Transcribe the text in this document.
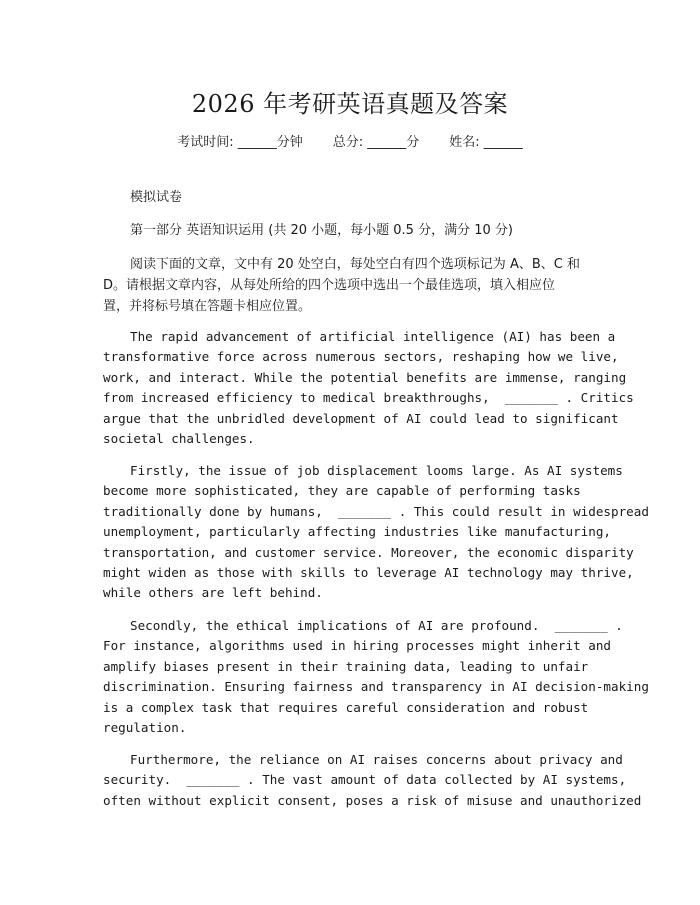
2026 年考研英语真题及答案
考试时间: ______分钟 总分: ______分 姓名: ______
模拟试卷
第一部分 英语知识运用 (共 20 小题，每小题 0.5 分，满分 10 分)
阅读下面的文章，文中有 20 处空白，每处空白有四个选项标记为 A、B、C 和
D。请根据文章内容，从每处所给的四个选项中选出一个最佳选项，填入相应位
置，并将标号填在答题卡相应位置。
The rapid advancement of artificial intelligence (AI) has been a
transformative force across numerous sectors, reshaping how we live,
work, and interact. While the potential benefits are immense, ranging
from increased efficiency to medical breakthroughs,  _______ . Critics
argue that the unbridled development of AI could lead to significant
societal challenges.
Firstly, the issue of job displacement looms large. As AI systems
become more sophisticated, they are capable of performing tasks
traditionally done by humans,  _______ . This could result in widespread
unemployment, particularly affecting industries like manufacturing,
transportation, and customer service. Moreover, the economic disparity
might widen as those with skills to leverage AI technology may thrive,
while others are left behind.
Secondly, the ethical implications of AI are profound.  _______ .
For instance, algorithms used in hiring processes might inherit and
amplify biases present in their training data, leading to unfair
discrimination. Ensuring fairness and transparency in AI decision-making
is a complex task that requires careful consideration and robust
regulation.
Furthermore, the reliance on AI raises concerns about privacy and
security.  _______ . The vast amount of data collected by AI systems,
often without explicit consent, poses a risk of misuse and unauthorized
